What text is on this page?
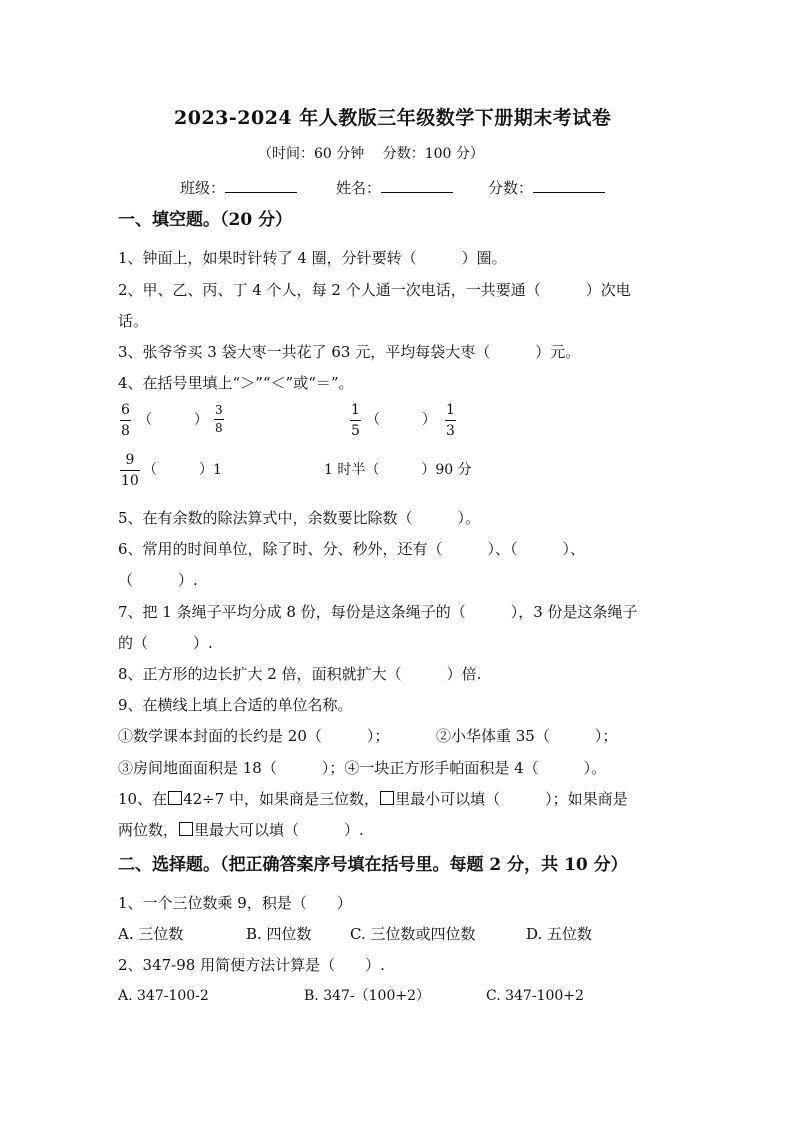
2023-2024 年人教版三年级数学下册期末考试卷
（时间：60 分钟　 分数：100 分）
班级：	姓名：	分数：
一、填空题。（20 分）
1、钟面上，如果时针转了 4 圈，分针要转（　　　）圈。
2、甲、乙、丙、丁 4 个人，每 2 个人通一次电话，一共要通（　　　）次电
话。
3、张爷爷买 3 袋大枣一共花了 63 元，平均每袋大枣（　　　）元。
4、在括号里填上“＞”“＜”或“＝”。
6
8
（　　　）
3
8
1
5
（　　　）
1
3
9
10
（　　　）1	1 时半（　　　）90 分
5、在有余数的除法算式中，余数要比除数（　　　）。
6、常用的时间单位，除了时、分、秒外，还有（　　　）、（　　　）、
（　　　）.
7、把 1 条绳子平均分成 8 份，每份是这条绳子的（　　　），3 份是这条绳子
的（　　　）.
8、正方形的边长扩大 2 倍，面积就扩大（　　　）倍.
9、在横线上填上合适的单位名称。
①数学课本封面的长约是 20（　　　）；	②小华体重 35（　　　）；
③房间地面面积是 18（　　　）；④一块正方形手帕面积是 4（　　　）。
10、在 42÷7 中，如果商是三位数， 里最小可以填（　　　）；如果商是
两位数， 里最大可以填（　　　）.
二、选择题。（把正确答案序号填在括号里。每题 2 分，共 10 分）
1、一个三位数乘 9，积是（　　）
A. 三位数	B. 四位数	C. 三位数或四位数	D. 五位数
2、347-98 用简便方法计算是（　　）.
A. 347-100-2	B. 347-（100+2）	C. 347-100+2
